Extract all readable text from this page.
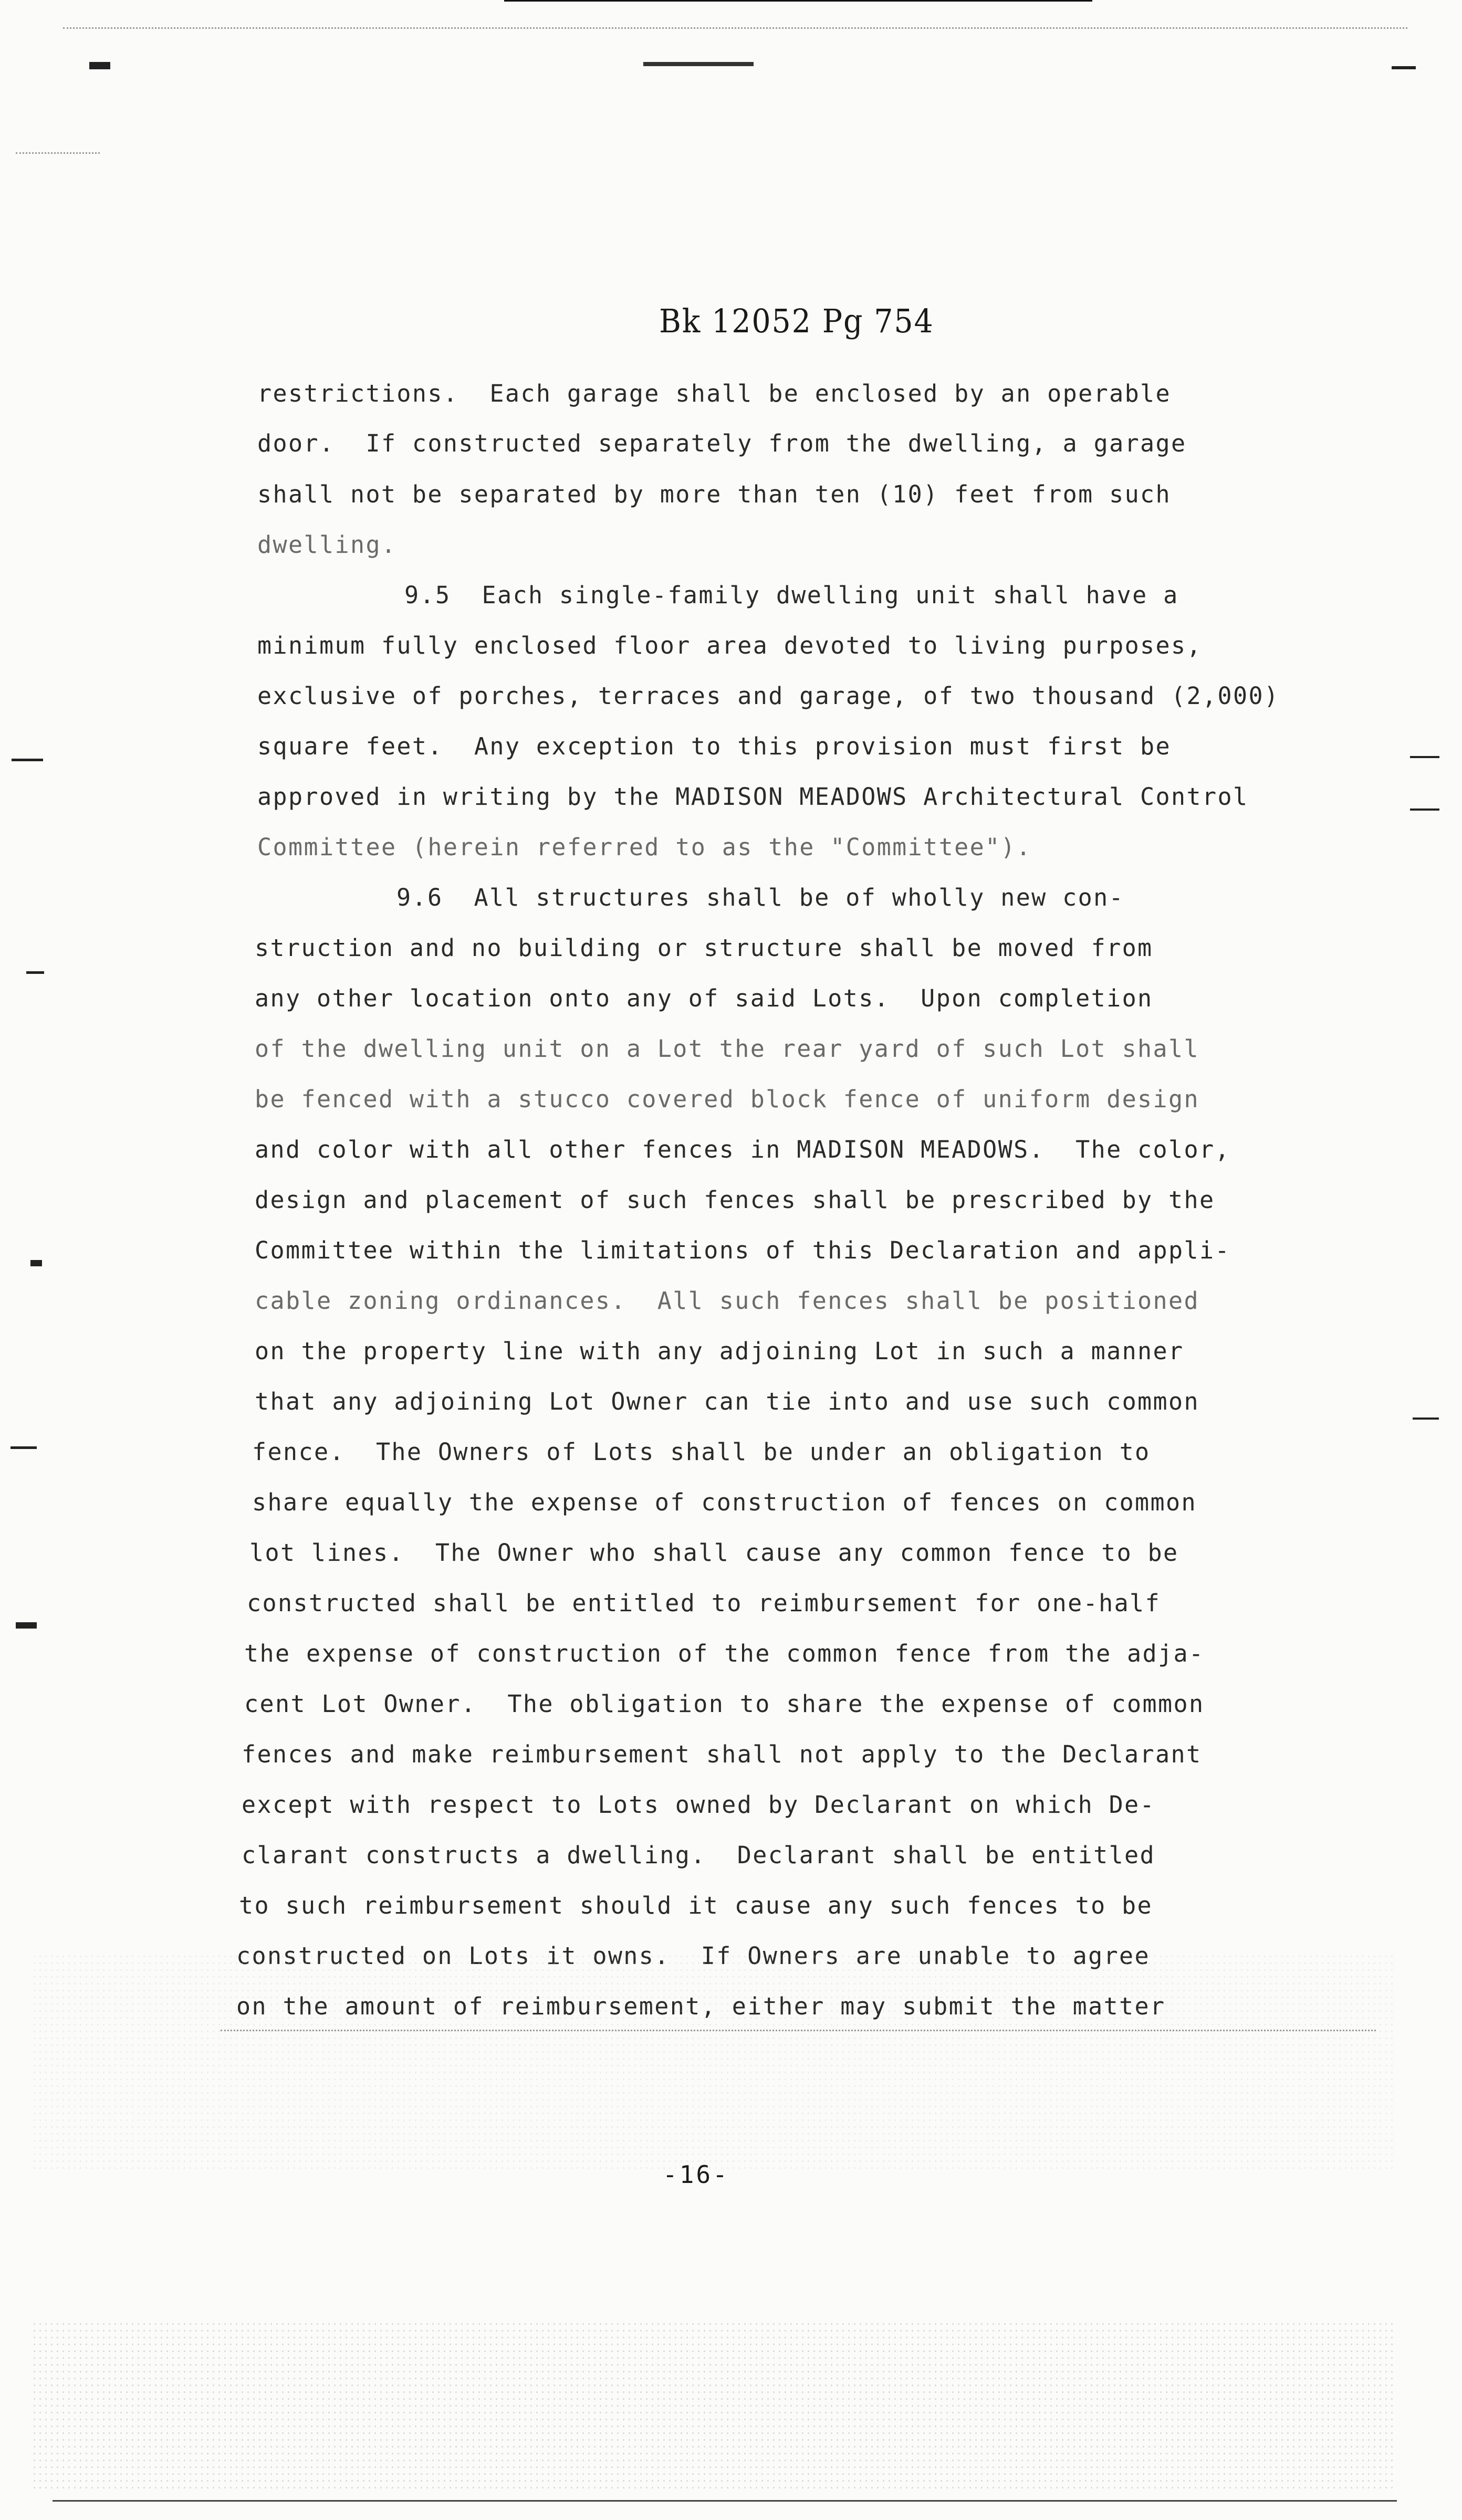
Bk 12052 Pg 754
restrictions.  Each garage shall be enclosed by an operable
door.  If constructed separately from the dwelling, a garage
shall not be separated by more than ten (10) feet from such
dwelling.
9.5  Each single-family dwelling unit shall have a
minimum fully enclosed floor area devoted to living purposes,
exclusive of porches, terraces and garage, of two thousand (2,000)
square feet.  Any exception to this provision must first be
approved in writing by the MADISON MEADOWS Architectural Control
Committee (herein referred to as the "Committee").
9.6  All structures shall be of wholly new con-
struction and no building or structure shall be moved from
any other location onto any of said Lots.  Upon completion
of the dwelling unit on a Lot the rear yard of such Lot shall
be fenced with a stucco covered block fence of uniform design
and color with all other fences in MADISON MEADOWS.  The color,
design and placement of such fences shall be prescribed by the
Committee within the limitations of this Declaration and appli-
cable zoning ordinances.  All such fences shall be positioned
on the property line with any adjoining Lot in such a manner
that any adjoining Lot Owner can tie into and use such common
fence.  The Owners of Lots shall be under an obligation to
share equally the expense of construction of fences on common
lot lines.  The Owner who shall cause any common fence to be
constructed shall be entitled to reimbursement for one-half
the expense of construction of the common fence from the adja-
cent Lot Owner.  The obligation to share the expense of common
fences and make reimbursement shall not apply to the Declarant
except with respect to Lots owned by Declarant on which De-
clarant constructs a dwelling.  Declarant shall be entitled
to such reimbursement should it cause any such fences to be
constructed on Lots it owns.  If Owners are unable to agree
on the amount of reimbursement, either may submit the matter
-16-
